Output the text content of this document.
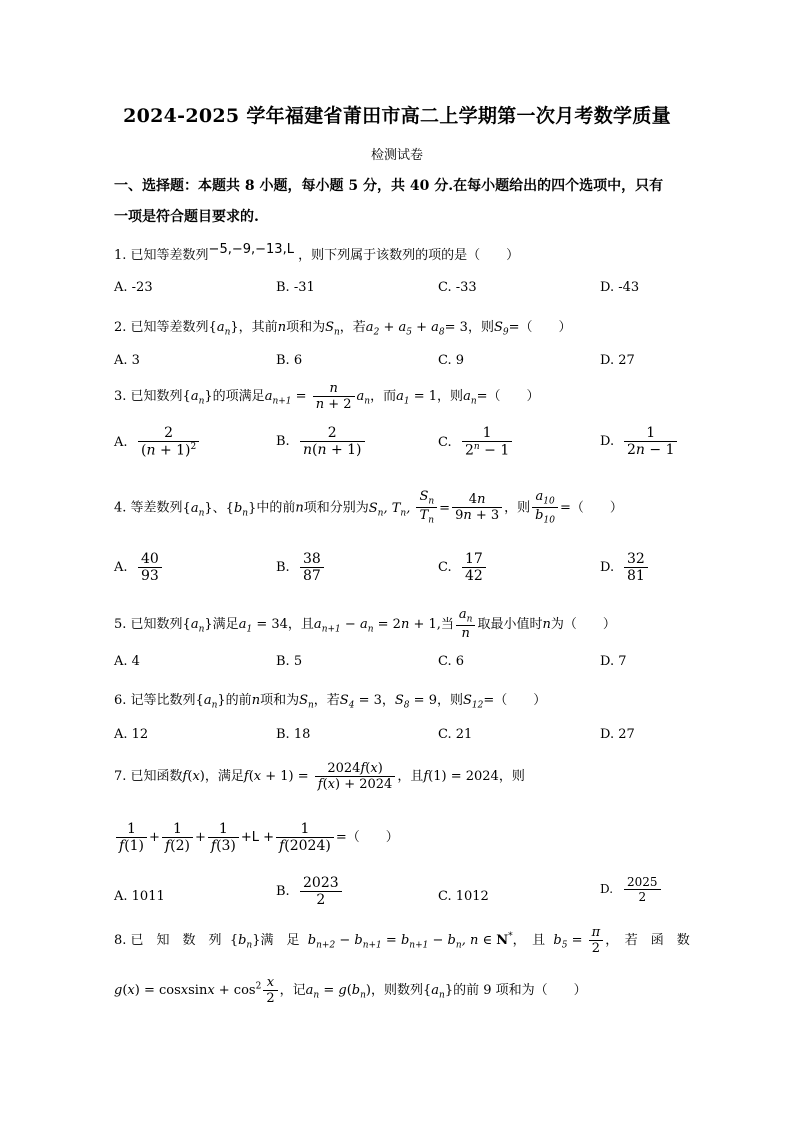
2024-2025 学年福建省莆田市高二上学期第一次月考数学质量
检测试卷
一、选择题：本题共 8 小题，每小题 5 分，共 40 分.在每小题给出的四个选项中，只有
一项是符合题目要求的.
1. 已知等差数列−5,−9,−13,L ，则下列属于该数列的项的是（　　）
A. -23	B. -31	C. -33	D. -43
2. 已知等差数列$\{a_n\}$，其前n项和为$S_n$，若$a_2 + a_5 + a_8= 3$，则$S_9=$（　　）
A. 3	B. 6	C. 9	D. 27
3. 已知数列$\{a_n\}$的项满足$a_{n+1} = \frac{n}{n + 2} a_n$，而$a_1 = 1$，则$a_n=$（　　）
A. $\frac{2}{(n + 1)^2}$	B. $\frac{2}{n(n + 1)}$	C. $\frac{1}{2^n - 1}$	D. $\frac{1}{2n - 1}$
4. 等差数列$\{a_n\}$、$\{b_n\}$中的前n项和分别为$S_n$, $T_n$, $\frac{S_n}{T_n} = \frac{4n}{9n + 3}$ ，则 $\frac{a_{10}}{b_{10}}$ =（　　）
A. $\frac{40}{93}$	B. $\frac{38}{87}$	C. $\frac{17}{42}$	D. $\frac{32}{81}$
5. 已知数列$\{a_n\}$满足$a_1 = 34$，且$a_{n+1} - a_n = 2n + 1$,当 $\frac{a_n}{n}$ 取最小值时n为（　　）
A. 4	B. 5	C. 6	D. 7
6. 记等比数列$\{a_n\}$的前n项和为$S_n$，若$S_4 = 3$，$S_8 = 9$，则$S_{12}=$（　　）
A. 12	B. 18	C. 21	D. 27
7. 已知函数f(x)，满足$f(x + 1) = \frac{2024f(x)}{f(x) + 2024}$ ，且f(1) = 2024，则
$\frac{1}{f(1)} + \frac{1}{f(2)} + \frac{1}{f(3)} +L + \frac{1}{f(2024)}$ =（　　）
A. 1011	B. $\frac{2023}{2}$	C. 1012	D. $\frac{2025}{2}$
8. 已　知　数　列 $\{b_n\}$满　足 $b_{n+2} - b_{n+1} = b_{n+1} - b_n$, n ∈ N*，　且 $b_5 = \frac{\pi}{2}$ ，　若　函　数
g(x) = cosxsinx + $\cos^2 \frac{x}{2}$ ，记$a_n = g(b_n)$，则数列$\{a_n\}$的前 9 项和为（　　）
